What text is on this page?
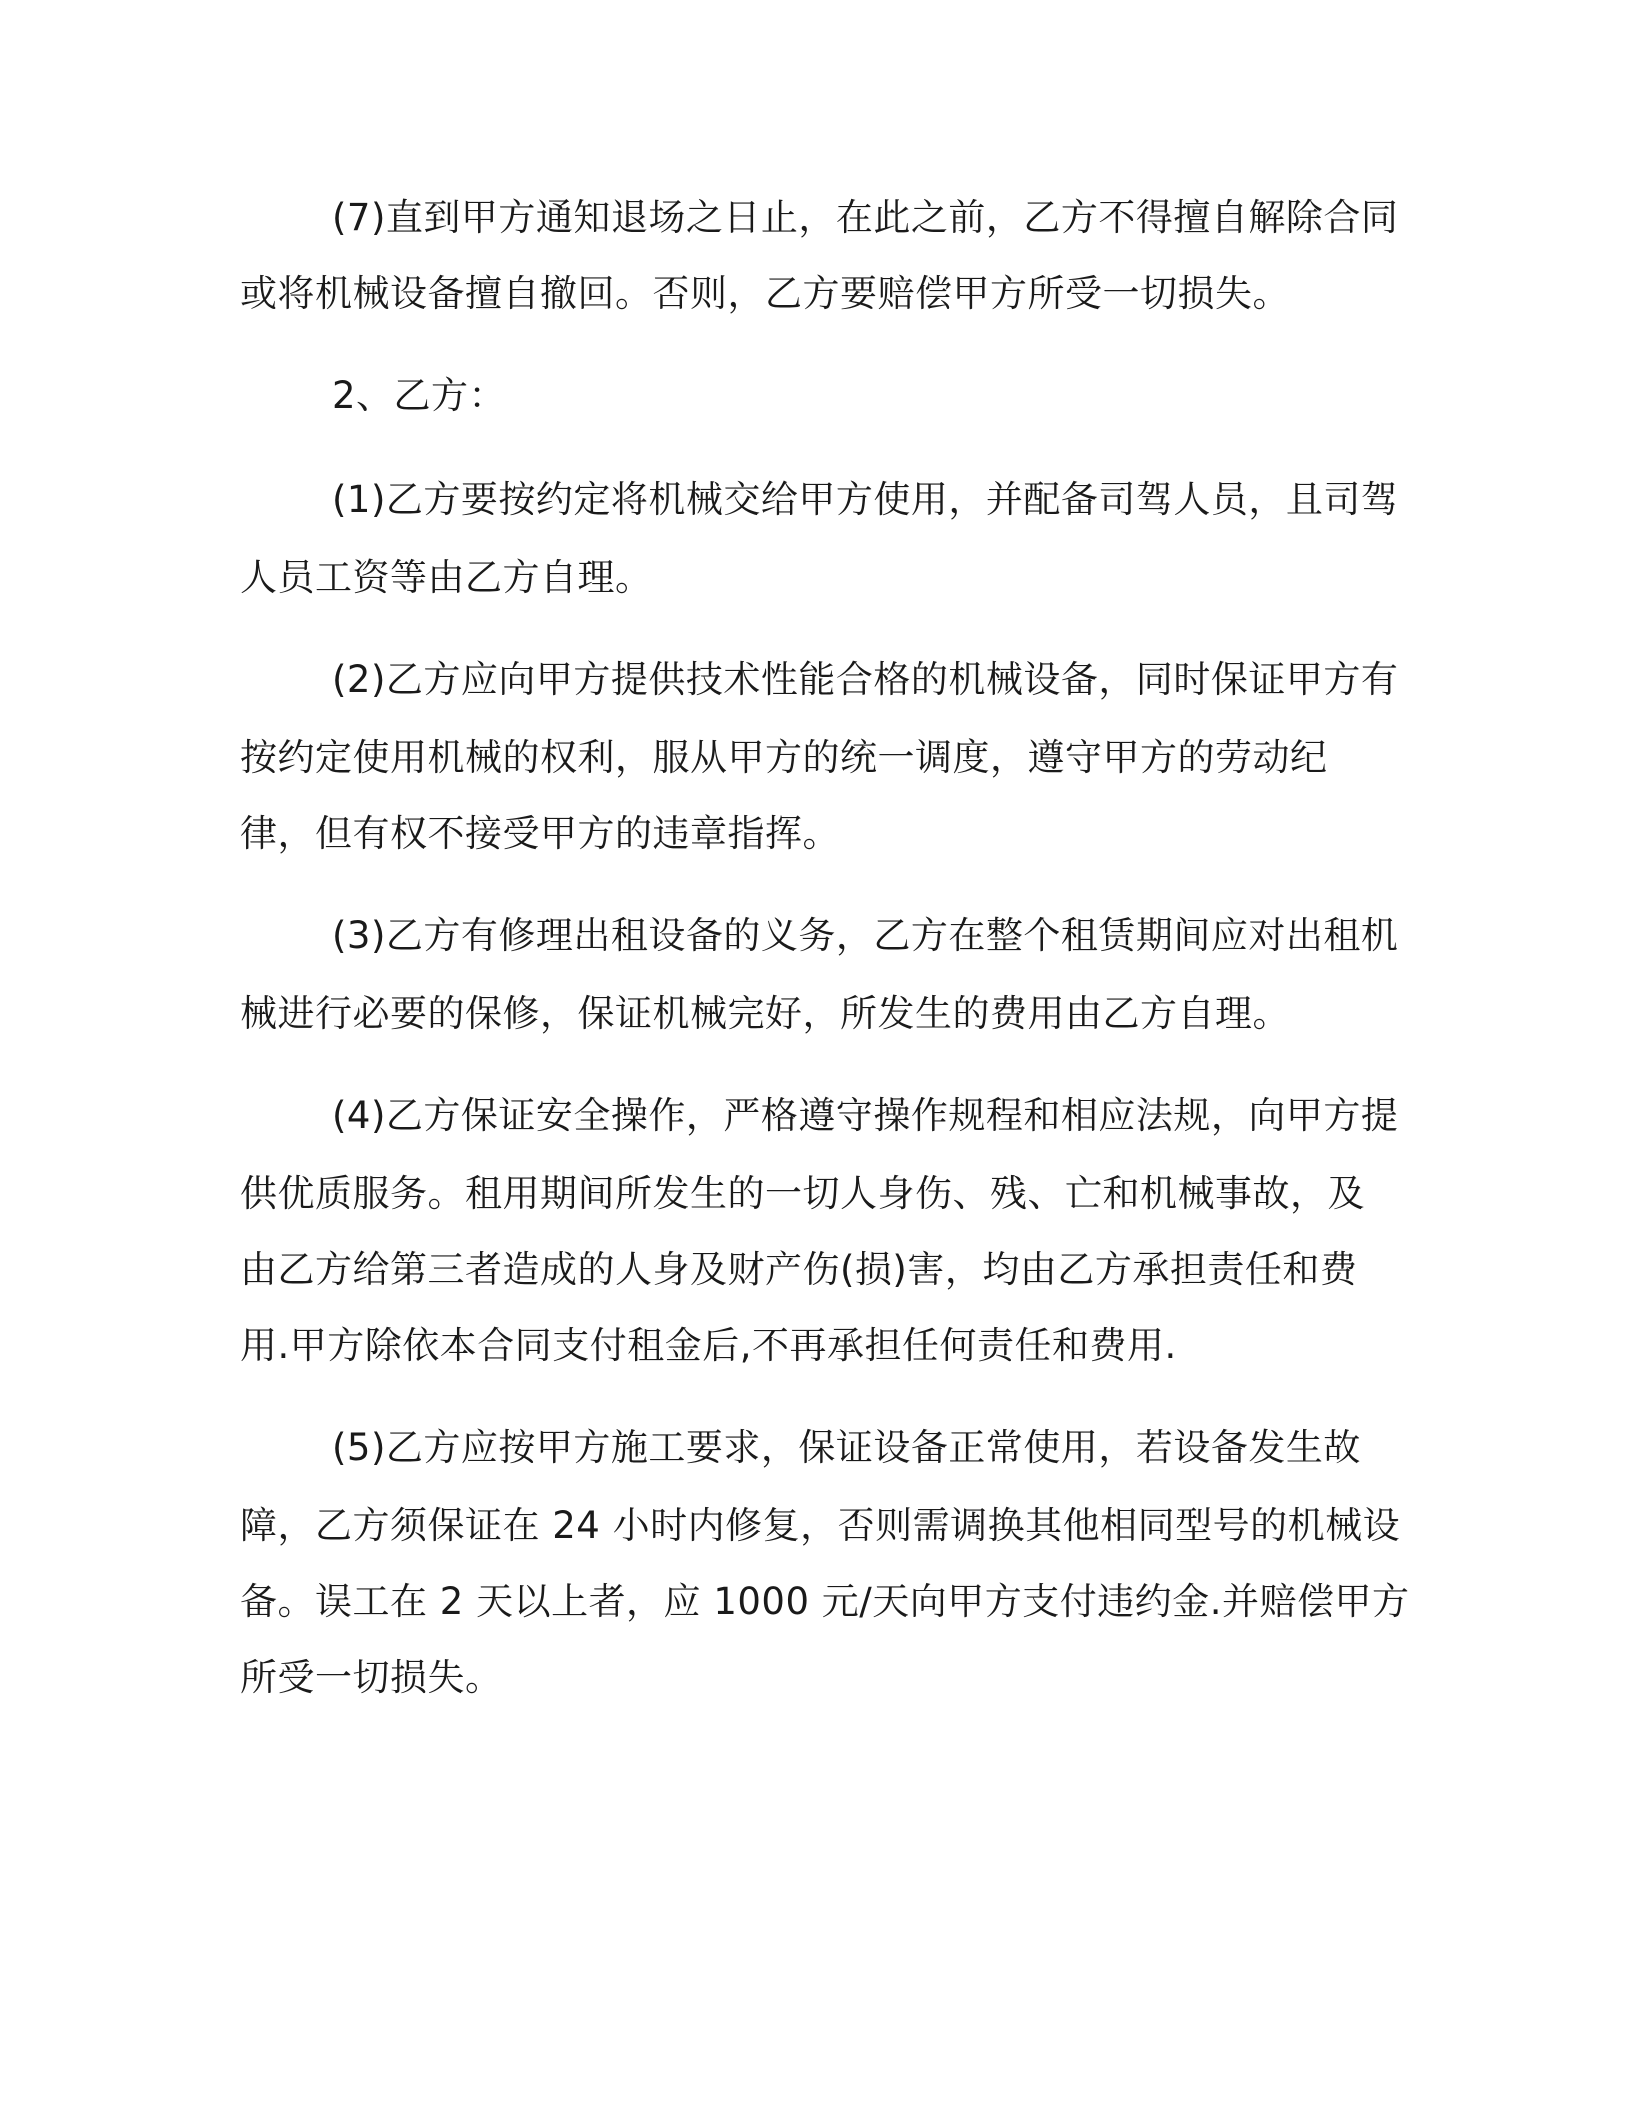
(7)直到甲方通知退场之日止，在此之前，乙方不得擅自解除合同
或将机械设备擅自撤回。否则，乙方要赔偿甲方所受一切损失。
2、乙方：
(1)乙方要按约定将机械交给甲方使用，并配备司驾人员，且司驾
人员工资等由乙方自理。
(2)乙方应向甲方提供技术性能合格的机械设备，同时保证甲方有
按约定使用机械的权利，服从甲方的统一调度，遵守甲方的劳动纪
律，但有权不接受甲方的违章指挥。
(3)乙方有修理出租设备的义务，乙方在整个租赁期间应对出租机
械进行必要的保修，保证机械完好，所发生的费用由乙方自理。
(4)乙方保证安全操作，严格遵守操作规程和相应法规，向甲方提
供优质服务。租用期间所发生的一切人身伤、残、亡和机械事故，及
由乙方给第三者造成的人身及财产伤(损)害，均由乙方承担责任和费
用.甲方除依本合同支付租金后,不再承担任何责任和费用.
(5)乙方应按甲方施工要求，保证设备正常使用，若设备发生故
障，乙方须保证在 24 小时内修复，否则需调换其他相同型号的机械设
备。误工在 2 天以上者，应 1000 元/天向甲方支付违约金.并赔偿甲方
所受一切损失。
